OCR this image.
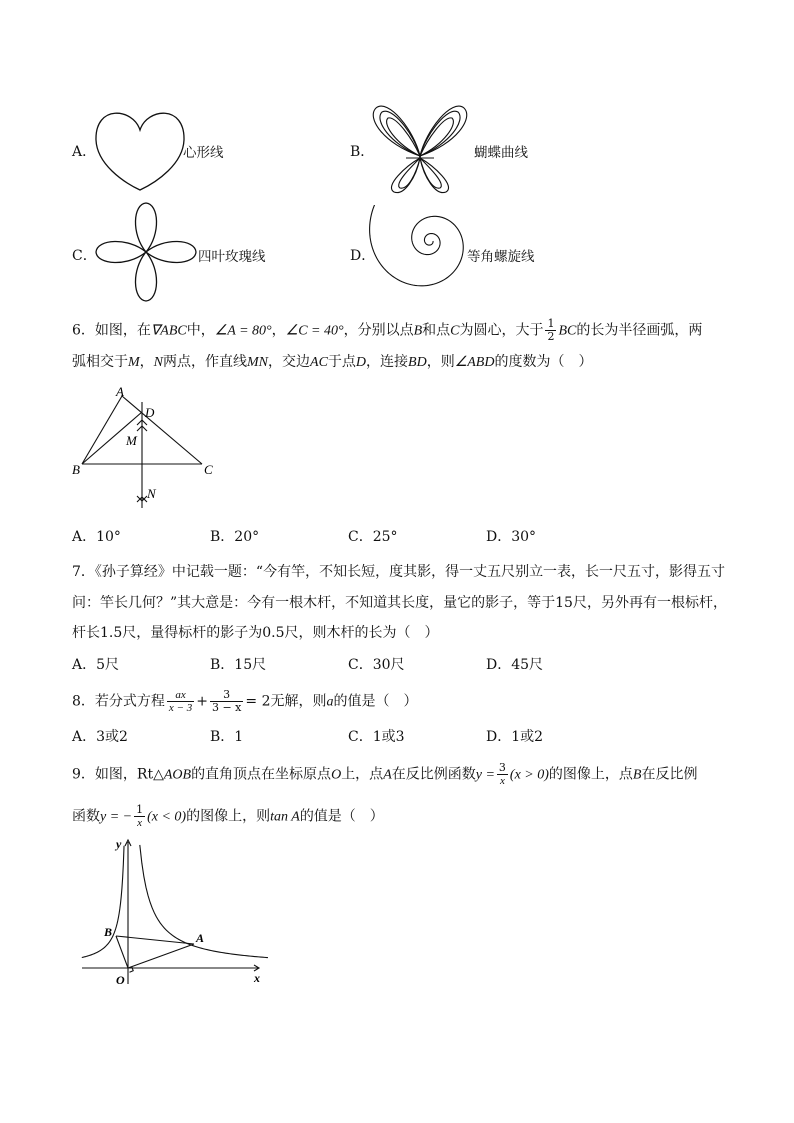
A．	心形线	B．	蝴蝶曲线
C．	四叶玫瑰线	D．	等角螺旋线
6．如图，在∇ABC中，∠A = 80°，∠C = 40°，分别以点B和点C为圆心，大于 $\frac{1}{2}$ BC的长为半径画弧，两
弧相交于M，N两点，作直线MN，交边AC于点D，连接BD，则∠ABD的度数为（　）
A
B	C
D
M
N
A．10°	B．20°	C．25°	D．30°
7．《孙子算经》中记载一题：“今有竿，不知长短，度其影，得一丈五尺别立一表，长一尺五寸，影得五寸
问：竿长几何？”其大意是：今有一根木杆，不知道其长度，量它的影子，等于15尺，另外再有一根标杆，
杆长1.5尺，量得标杆的影子为0.5尺，则木杆的长为（　）
A．5尺	B．15尺	C．30尺	D．45尺
8．若分式方程 $\frac{ax}{x - 3} + \frac{3}{3 - x} = 2$无解，则a的值是（　）
A．3或2	B．1	C．1或3	D．1或2
9．如图，Rt△AOB的直角顶点在坐标原点O上，点A在反比例函数$y = \frac{3}{x} (x > 0)$的图像上，点B在反比例
函数y = − $\frac{1}{x} (x < 0)$的图像上，则tan A的值是（　）
y
x
O
A
B
